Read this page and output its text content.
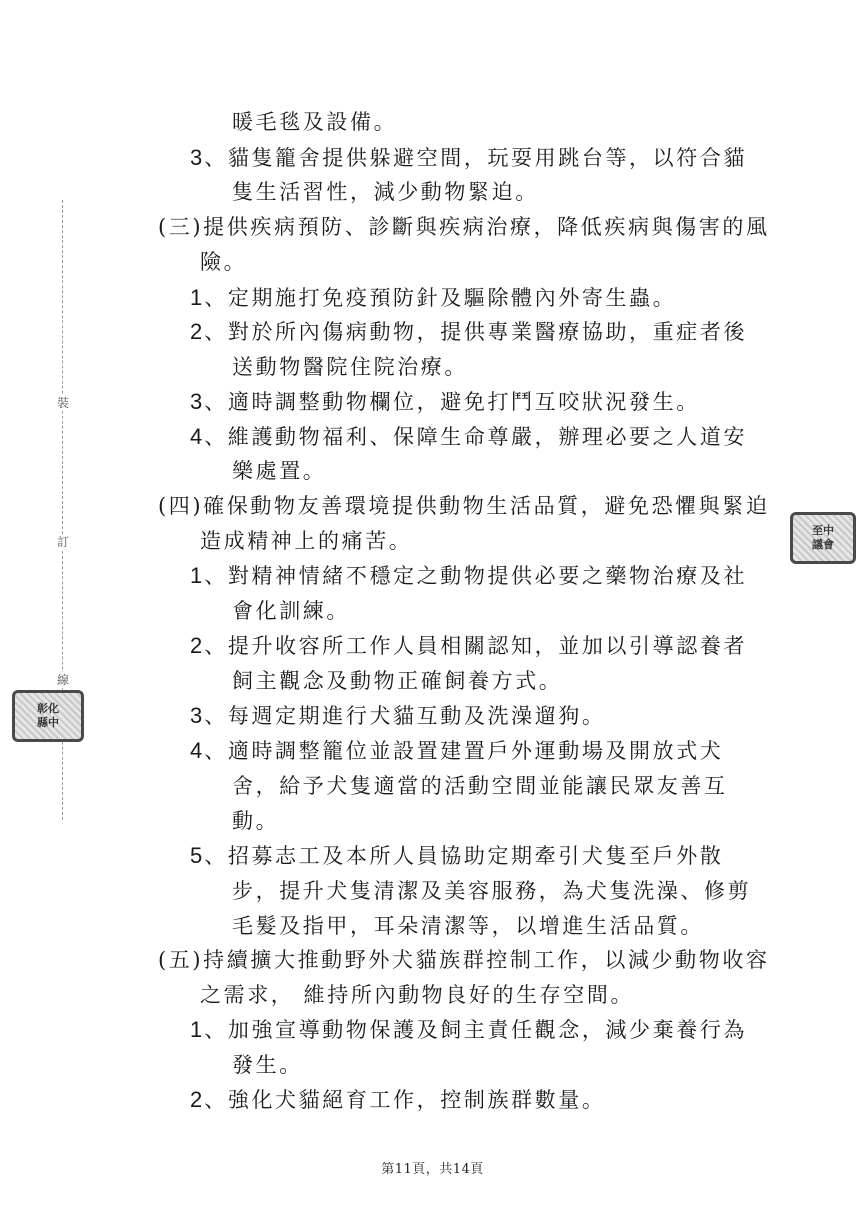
裝
訂
線
至中
議會
彰化
縣中
暖毛毯及設備。
3、貓隻籠舍提供躲避空間，玩耍用跳台等，以符合貓
隻生活習性，減少動物緊迫。
(三)提供疾病預防、診斷與疾病治療，降低疾病與傷害的風
險。
1、定期施打免疫預防針及驅除體內外寄生蟲。
2、對於所內傷病動物，提供專業醫療協助，重症者後
送動物醫院住院治療。
3、適時調整動物欄位，避免打鬥互咬狀況發生。
4、維護動物福利、保障生命尊嚴，辦理必要之人道安
樂處置。
(四)確保動物友善環境提供動物生活品質，避免恐懼與緊迫
造成精神上的痛苦。
1、對精神情緒不穩定之動物提供必要之藥物治療及社
會化訓練。
2、提升收容所工作人員相關認知，並加以引導認養者
飼主觀念及動物正確飼養方式。
3、每週定期進行犬貓互動及洗澡遛狗。
4、適時調整籠位並設置建置戶外運動場及開放式犬
舍，給予犬隻適當的活動空間並能讓民眾友善互
動。
5、招募志工及本所人員協助定期牽引犬隻至戶外散
步，提升犬隻清潔及美容服務，為犬隻洗澡、修剪
毛髮及指甲，耳朵清潔等，以增進生活品質。
(五)持續擴大推動野外犬貓族群控制工作，以減少動物收容
之需求， 維持所內動物良好的生存空間。
1、加強宣導動物保護及飼主責任觀念，減少棄養行為
發生。
2、強化犬貓絕育工作，控制族群數量。
第11頁，共14頁
